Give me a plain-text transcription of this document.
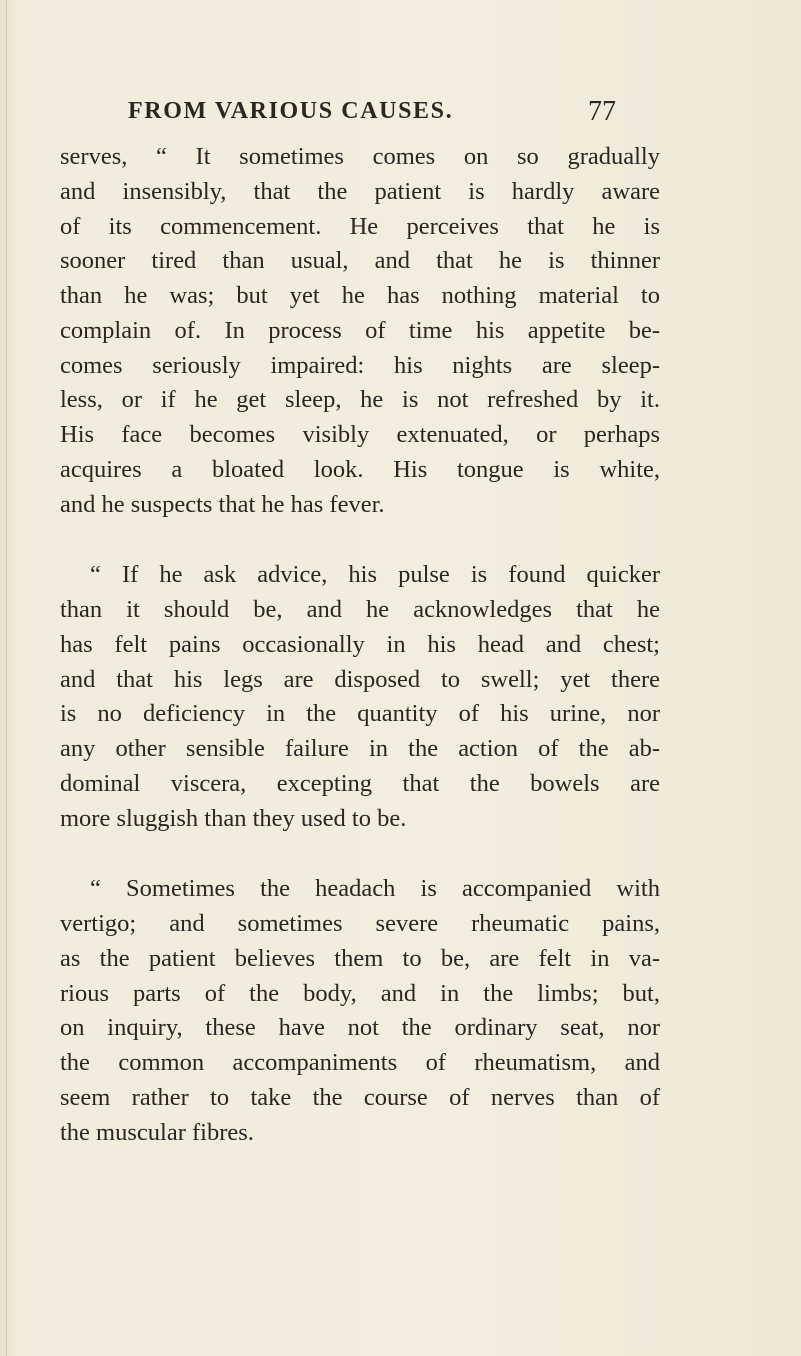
FROM VARIOUS CAUSES.	77
serves, “ It sometimes comes on so gradually
and insensibly, that the patient is hardly aware
of its commencement. He perceives that he is
sooner tired than usual, and that he is thinner
than he was; but yet he has nothing material to
complain of. In process of time his appetite be-
comes seriously impaired: his nights are sleep-
less, or if he get sleep, he is not refreshed by it.
His face becomes visibly extenuated, or perhaps
acquires a bloated look. His tongue is white,
and he suspects that he has fever.
“ If he ask advice, his pulse is found quicker
than it should be, and he acknowledges that he
has felt pains occasionally in his head and chest;
and that his legs are disposed to swell; yet there
is no deficiency in the quantity of his urine, nor
any other sensible failure in the action of the ab-
dominal viscera, excepting that the bowels are
more sluggish than they used to be.
“ Sometimes the headach is accompanied with
vertigo; and sometimes severe rheumatic pains,
as the patient believes them to be, are felt in va-
rious parts of the body, and in the limbs; but,
on inquiry, these have not the ordinary seat, nor
the common accompaniments of rheumatism, and
seem rather to take the course of nerves than of
the muscular fibres.
